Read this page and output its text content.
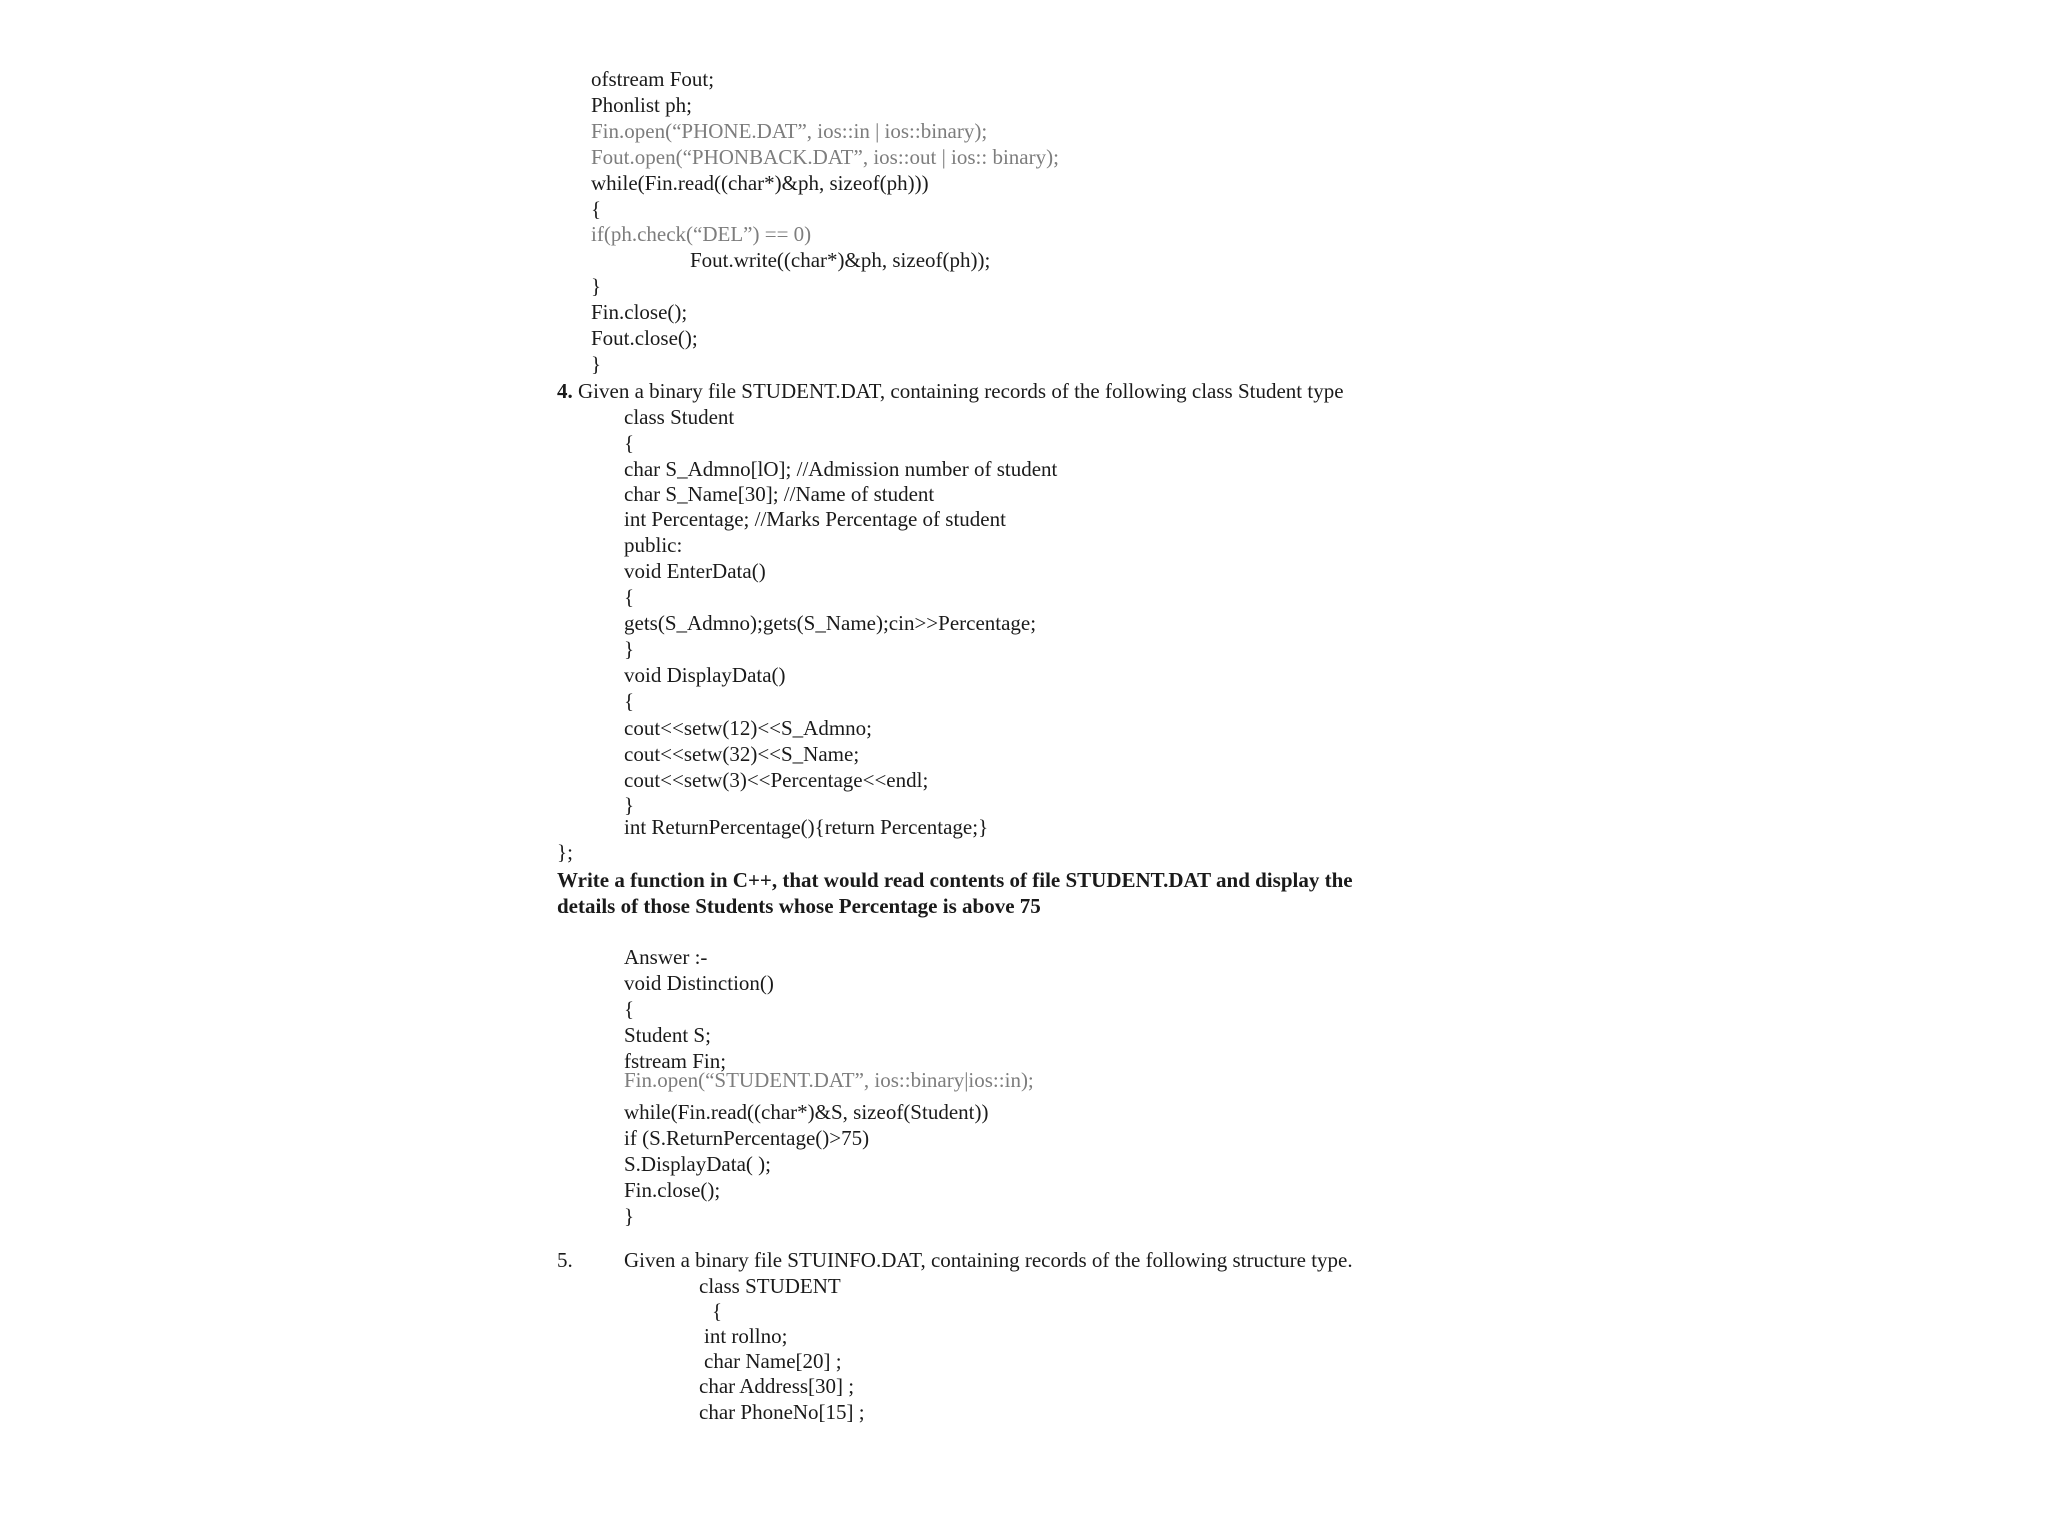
ofstream Fout;
Phonlist ph;
Fin.open(“PHONE.DAT”, ios::in | ios::binary);
Fout.open(“PHONBACK.DAT”, ios::out | ios:: binary);
while(Fin.read((char*)&ph, sizeof(ph)))
{
if(ph.check(“DEL”) == 0)
Fout.write((char*)&ph, sizeof(ph));
}
Fin.close();
Fout.close();
}
4. Given a binary file STUDENT.DAT, containing records of the following class Student type
class Student
{
char S_Admno[lO]; //Admission number of student
char S_Name[30]; //Name of student
int Percentage; //Marks Percentage of student
public:
void EnterData()
{
gets(S_Admno);gets(S_Name);cin>>Percentage;
}
void DisplayData()
{
cout<<setw(12)<<S_Admno;
cout<<setw(32)<<S_Name;
cout<<setw(3)<<Percentage<<endl;
}
int ReturnPercentage(){return Percentage;}
};
Write a function in C++, that would read contents of file STUDENT.DAT and display the
details of those Students whose Percentage is above 75
Answer :-
void Distinction()
{
Student S;
fstream Fin;
Fin.open(“STUDENT.DAT”, ios::binary|ios::in);
while(Fin.read((char*)&S, sizeof(Student))
if (S.ReturnPercentage()>75)
S.DisplayData( );
Fin.close();
}
5. Given a binary file STUINFO.DAT, containing records of the following structure type.
class STUDENT
{
int rollno;
char Name[20] ;
char Address[30] ;
char PhoneNo[15] ;
